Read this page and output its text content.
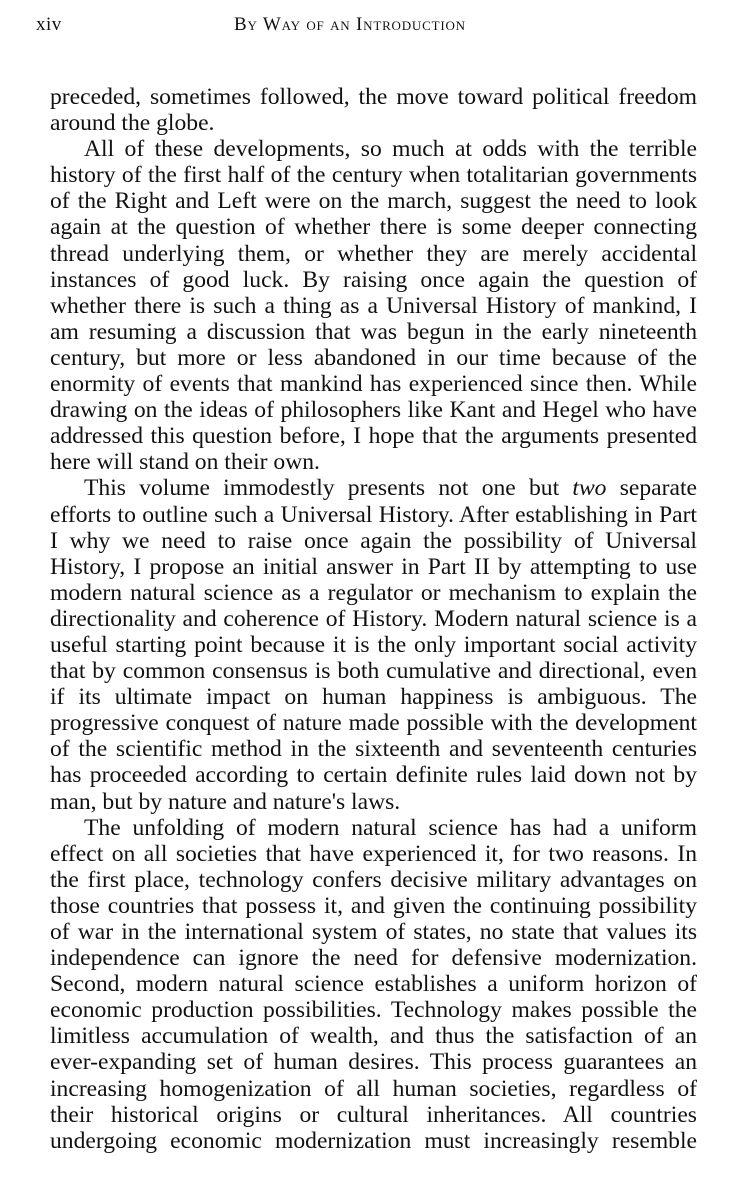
xiv	By Way of an Introduction

preceded, sometimes followed, the move toward political freedom around the globe.

All of these developments, so much at odds with the terrible history of the first half of the century when totalitarian governments of the Right and Left were on the march, suggest the need to look again at the question of whether there is some deeper connecting thread underlying them, or whether they are merely accidental instances of good luck. By raising once again the question of whether there is such a thing as a Universal History of mankind, I am resuming a discussion that was begun in the early nineteenth century, but more or less abandoned in our time because of the enormity of events that mankind has experienced since then. While drawing on the ideas of philosophers like Kant and Hegel who have addressed this question before, I hope that the arguments presented here will stand on their own.

This volume immodestly presents not one but two separate efforts to outline such a Universal History. After establishing in Part I why we need to raise once again the possibility of Universal History, I propose an initial answer in Part II by attempting to use modern natural science as a regulator or mechanism to explain the directionality and coherence of History. Modern natural science is a useful starting point because it is the only important social activity that by common consensus is both cumulative and directional, even if its ultimate impact on human happiness is ambiguous. The progressive conquest of nature made possible with the development of the scientific method in the sixteenth and seventeenth centuries has proceeded according to certain definite rules laid down not by man, but by nature and nature's laws.

The unfolding of modern natural science has had a uniform effect on all societies that have experienced it, for two reasons. In the first place, technology confers decisive military advantages on those countries that possess it, and given the continuing possibility of war in the international system of states, no state that values its independence can ignore the need for defensive modernization. Second, modern natural science establishes a uniform horizon of economic production possibilities. Technology makes possible the limitless accumulation of wealth, and thus the satisfaction of an ever-expanding set of human desires. This process guarantees an increasing homogenization of all human societies, regardless of their historical origins or cultural inheritances. All countries undergoing economic modernization must increasingly resemble
